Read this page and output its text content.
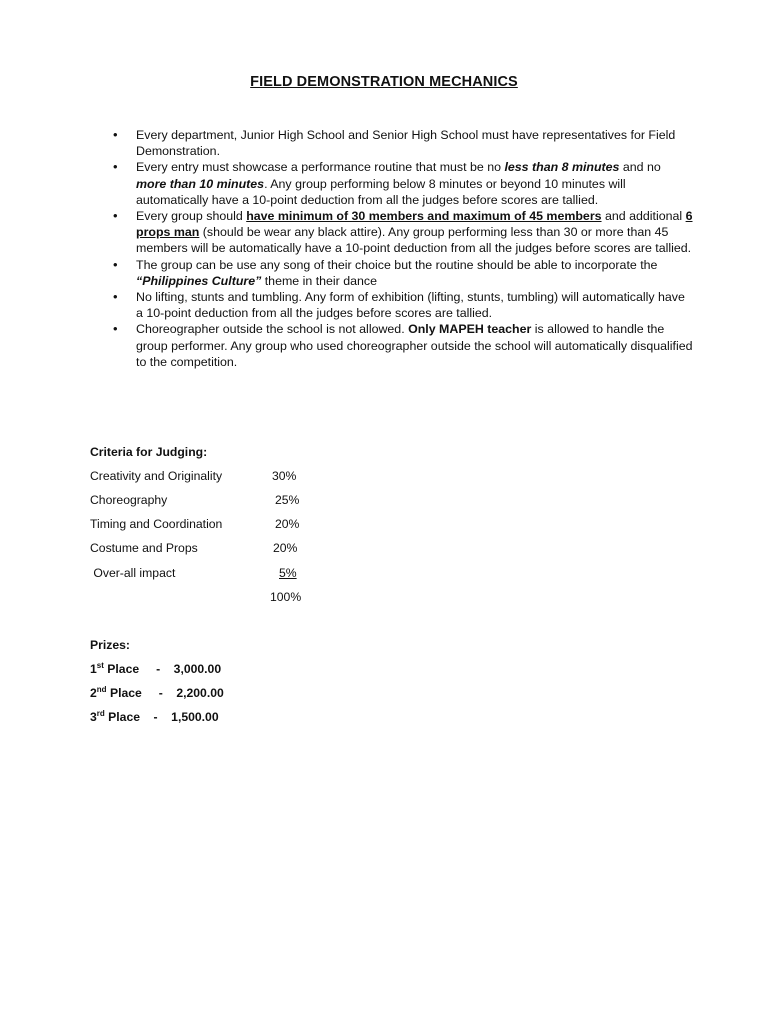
FIELD DEMONSTRATION MECHANICS
• Every department, Junior High School and Senior High School must have representatives for Field Demonstration.
• Every entry must showcase a performance routine that must be no less than 8 minutes and no more than 10 minutes. Any group performing below 8 minutes or beyond 10 minutes will automatically have a 10-point deduction from all the judges before scores are tallied.
• Every group should have minimum of 30 members and maximum of 45 members and additional 6 props man (should be wear any black attire). Any group performing less than 30 or more than 45 members will be automatically have a 10-point deduction from all the judges before scores are tallied.
• The group can be use any song of their choice but the routine should be able to incorporate the “Philippines Culture” theme in their dance
• No lifting, stunts and tumbling. Any form of exhibition (lifting, stunts, tumbling) will automatically have a 10-point deduction from all the judges before scores are tallied.
• Choreographer outside the school is not allowed. Only MAPEH teacher is allowed to handle the group performer. Any group who used choreographer outside the school will automatically disqualified to the competition.
Criteria for Judging:
Creativity and Originality	30%
Choreography	25%
Timing and Coordination	20%
Costume and Props	20%
Over-all impact	5%
100%
Prizes:
1st Place     -    3,000.00
2nd Place     -    2,200.00
3rd Place    -    1,500.00
